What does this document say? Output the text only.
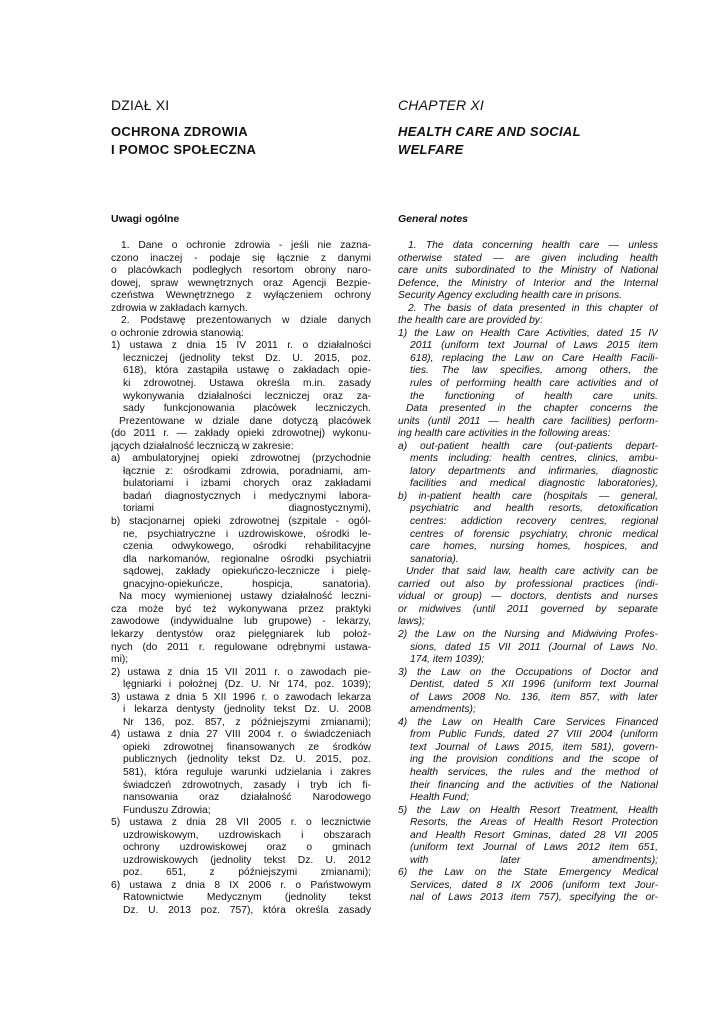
DZIAŁ XI
OCHRONA ZDROWIA
I POMOC SPOŁECZNA
Uwagi ogólne
1. Dane o ochronie zdrowia - jeśli nie zazna-
czono inaczej - podaje się łącznie z danymi
o placówkach podległych resortom obrony naro-
dowej, spraw wewnętrznych oraz Agencji Bezpie-
czeństwa Wewnętrznego z wyłączeniem ochrony
zdrowia w zakładach karnych.
2. Podstawę prezentowanych w dziale danych
o ochronie zdrowia stanowią:
1) ustawa z dnia 15 IV 2011 r. o działalności
leczniczej (jednolity tekst Dz. U. 2015, poz.
618), która zastąpiła ustawę o zakładach opie-
ki zdrowotnej. Ustawa określa m.in. zasady
wykonywania działalności leczniczej oraz za-
sady funkcjonowania placówek leczniczych.
Prezentowane w dziale dane dotyczą placówek
(do 2011 r. — zakłady opieki zdrowotnej) wykonu-
jących działalność leczniczą w zakresie:
a) ambulatoryjnej opieki zdrowotnej (przychodnie
łącznie z: ośrodkami zdrowia, poradniami, am-
bulatoriami i izbami chorych oraz zakładami
badań diagnostycznych i medycznymi labora-
toriami diagnostycznymi),
b) stacjonarnej opieki zdrowotnej (szpitale - ogól-
ne, psychiatryczne i uzdrowiskowe, ośrodki le-
czenia odwykowego, ośrodki rehabilitacyjne
dla narkomanów, regionalne ośrodki psychiatrii
sądowej, zakłady opiekuńczo-lecznicze i pielę-
gnacyjno-opiekuńcze, hospicja, sanatoria).
Na mocy wymienionej ustawy działalność leczni-
cza może być też wykonywana przez praktyki
zawodowe (indywidualne lub grupowe) - lekarzy,
lekarzy dentystów oraz pielęgniarek lub położ-
nych (do 2011 r. regulowane odrębnymi ustawa-
mi);
2) ustawa z dnia 15 VII 2011 r. o zawodach pie-
lęgniarki i położnej (Dz. U. Nr 174, poz. 1039);
3) ustawa z dnia 5 XII 1996 r. o zawodach lekarza
i lekarza dentysty (jednolity tekst Dz. U. 2008
Nr 136, poz. 857, z późniejszymi zmianami);
4) ustawa z dnia 27 VIII 2004 r. o świadczeniach
opieki zdrowotnej finansowanych ze środków
publicznych (jednolity tekst Dz. U. 2015, poz.
581), która reguluje warunki udzielania i zakres
świadczeń zdrowotnych, zasady i tryb ich fi-
nansowania oraz działalność Narodowego
Funduszu Zdrowia;
5) ustawa z dnia 28 VII 2005 r. o lecznictwie
uzdrowiskowym, uzdrowiskach i obszarach
ochrony uzdrowiskowej oraz o gminach
uzdrowiskowych (jednolity tekst Dz. U. 2012
poz. 651, z późniejszymi zmianami);
6) ustawa z dnia 8 IX 2006 r. o Państwowym
Ratownictwie Medycznym (jednolity tekst
Dz. U. 2013 poz. 757), która określa zasady
CHAPTER XI
HEALTH CARE AND SOCIAL
WELFARE
General notes
1. The data concerning health care — unless
otherwise stated — are given including health
care units subordinated to the Ministry of National
Defence, the Ministry of Interior and the Internal
Security Agency excluding health care in prisons.
2. The basis of data presented in this chapter of
the health care are provided by:
1) the Law on Health Care Activities, dated 15 IV
2011 (uniform text Journal of Laws 2015 item
618), replacing the Law on Care Health Facili-
ties. The law specifies, among others, the
rules of performing health care activities and of
the functioning of health care units.
Data presented in the chapter concerns the
units (until 2011 — health care facilities) perform-
ing health care activities in the following areas:
a) out-patient health care (out-patients depart-
ments including: health centres, clinics, ambu-
latory departments and infirmaries, diagnostic
facilities and medical diagnostic laboratories),
b) in-patient health care (hospitals — general,
psychiatric and health resorts, detoxification
centres: addiction recovery centres, regional
centres of forensic psychiatry, chronic medical
care homes, nursing homes, hospices, and
sanatoria).
Under that said law, health care activity can be
carried out also by professional practices (indi-
vidual or group) — doctors, dentists and nurses
or midwives (until 2011 governed by separate
laws);
2) the Law on the Nursing and Midwiving Profes-
sions, dated 15 VII 2011 (Journal of Laws No.
174, item 1039);
3) the Law on the Occupations of Doctor and
Dentist, dated 5 XII 1996 (uniform text Journal
of Laws 2008 No. 136, item 857, with later
amendments);
4) the Law on Health Care Services Financed
from Public Funds, dated 27 VIII 2004 (uniform
text Journal of Laws 2015, item 581), govern-
ing the provision conditions and the scope of
health services, the rules and the method of
their financing and the activities of the National
Health Fund;
5) the Law on Health Resort Treatment, Health
Resorts, the Areas of Health Resort Protection
and Health Resort Gminas, dated 28 VII 2005
(uniform text Journal of Laws 2012 item 651,
with later amendments);
6) the Law on the State Emergency Medical
Services, dated 8 IX 2006 (uniform text Jour-
nal of Laws 2013 item 757), specifying the or-
